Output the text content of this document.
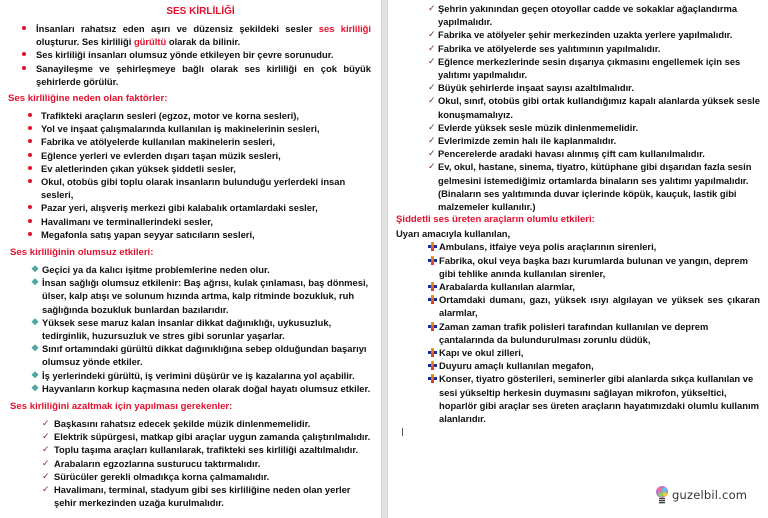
SES KİRLİLİĞİ
İnsanları rahatsız eden aşırı ve düzensiz şekildeki sesler ses kirliliği oluşturur. Ses kirliliği gürültü olarak da bilinir.
Ses kirliliği insanları olumsuz yönde etkileyen bir çevre sorunudur.
Sanayileşme ve şehirleşmeye bağlı olarak ses kirliliği en çok büyük şehirlerde görülür.
Ses kirliliğine neden olan faktörler:
Trafikteki araçların sesleri (egzoz, motor ve korna sesleri),
Yol ve inşaat çalışmalarında kullanılan iş makinelerinin sesleri,
Fabrika ve atölyelerde kullanılan makinelerin sesleri,
Eğlence yerleri ve evlerden dışarı taşan müzik sesleri,
Ev aletlerinden çıkan yüksek şiddetli sesler,
Okul, otobüs gibi toplu olarak insanların bulunduğu yerlerdeki insan sesleri,
Pazar yeri, alışveriş merkezi gibi kalabalık ortamlardaki sesler,
Havalimanı ve terminallerindeki sesler,
Megafonla satış yapan seyyar satıcıların sesleri,
Ses kirliliğinin olumsuz etkileri:
❖ Geçici ya da kalıcı işitme problemlerine neden olur.
❖ İnsan sağlığı olumsuz etkilenir: Baş ağrısı, kulak çınlaması, baş dönmesi, ülser, kalp atışı ve solunum hızında artma, kalp ritminde bozukluk, ruh sağlığında bozukluk bunlardan bazılarıdır.
❖ Yüksek sese maruz kalan insanlar dikkat dağınıklığı, uykusuzluk, tedirginlik, huzursuzluk ve stres gibi sorunlar yaşarlar.
❖ Sınıf ortamındaki gürültü dikkat dağınıklığına sebep olduğundan başarıyı olumsuz yönde etkiler.
❖ İş yerlerindeki gürültü, iş verimini düşürür ve iş kazalarına yol açabilir.
❖ Hayvanların korkup kaçmasına neden olarak doğal hayatı olumsuz etkiler.
Ses kirliliğini azaltmak için yapılması gerekenler:
✓ Başkasını rahatsız edecek şekilde müzik dinlenmemelidir.
✓ Elektrik süpürgesi, matkap gibi araçlar uygun zamanda çalıştırılmalıdır.
✓ Toplu taşıma araçları kullanılarak, trafikteki ses kirliliği azaltılmalıdır.
✓ Arabaların egzozlarına susturucu taktırmalıdır.
✓ Sürücüler gerekli olmadıkça korna çalmamalıdır.
✓ Havalimanı, terminal, stadyum gibi ses kirliliğine neden olan yerler şehir merkezinden uzağa kurulmalıdır.
✓ Şehrin yakınından geçen otoyollar cadde ve sokaklar ağaçlandırma yapılmalıdır.
✓ Fabrika ve atölyeler şehir merkezinden uzakta yerlere yapılmalıdır.
✓ Fabrika ve atölyelerde ses yalıtımının yapılmalıdır.
✓ Eğlence merkezlerinde sesin dışarıya çıkmasını engellemek için ses yalıtımı yapılmalıdır.
✓ Büyük şehirlerde inşaat sayısı azaltılmalıdır.
✓ Okul, sınıf, otobüs gibi ortak kullandığımız kapalı alanlarda yüksek sesle konuşmamalıyız.
✓ Evlerde yüksek sesle müzik dinlenmemelidir.
✓ Evlerimizde zemin halı ile kaplanmalıdır.
✓ Pencerelerde aradaki havası alınmış çift cam kullanılmalıdır.
✓ Ev, okul, hastane, sinema, tiyatro, kütüphane gibi dışarıdan fazla sesin gelmesini istemediğimiz ortamlarda binaların ses yalıtımı yapılmalıdır.
(Binaların ses yalıtımında duvar içlerinde köpük, kauçuk, lastik gibi malzemeler kullanılır.)
Şiddetli ses üreten araçların olumlu etkileri:
Uyarı amacıyla kullanılan,
Ambulans, itfaiye veya polis araçlarının sirenleri,
Fabrika, okul veya başka bazı kurumlarda bulunan ve yangın, deprem gibi tehlike anında kullanılan sirenler,
Arabalarda kullanılan alarmlar,
Ortamdaki dumanı, gazı, yüksek ısıyı algılayan ve yüksek ses çıkaran alarmlar,
Zaman zaman trafik polisleri tarafından kullanılan ve deprem çantalarında da bulundurulması zorunlu düdük,
Kapı ve okul zilleri,
Duyuru amaçlı kullanılan megafon,
Konser, tiyatro gösterileri, seminerler gibi alanlarda sıkça kullanılan ve sesi yükseltip herkesin duymasını sağlayan mikrofon, yükseltici, hoparlör gibi araçlar ses üreten araçların hayatımızdaki olumlu kullanım alanlarıdır.
guzelbil.com
